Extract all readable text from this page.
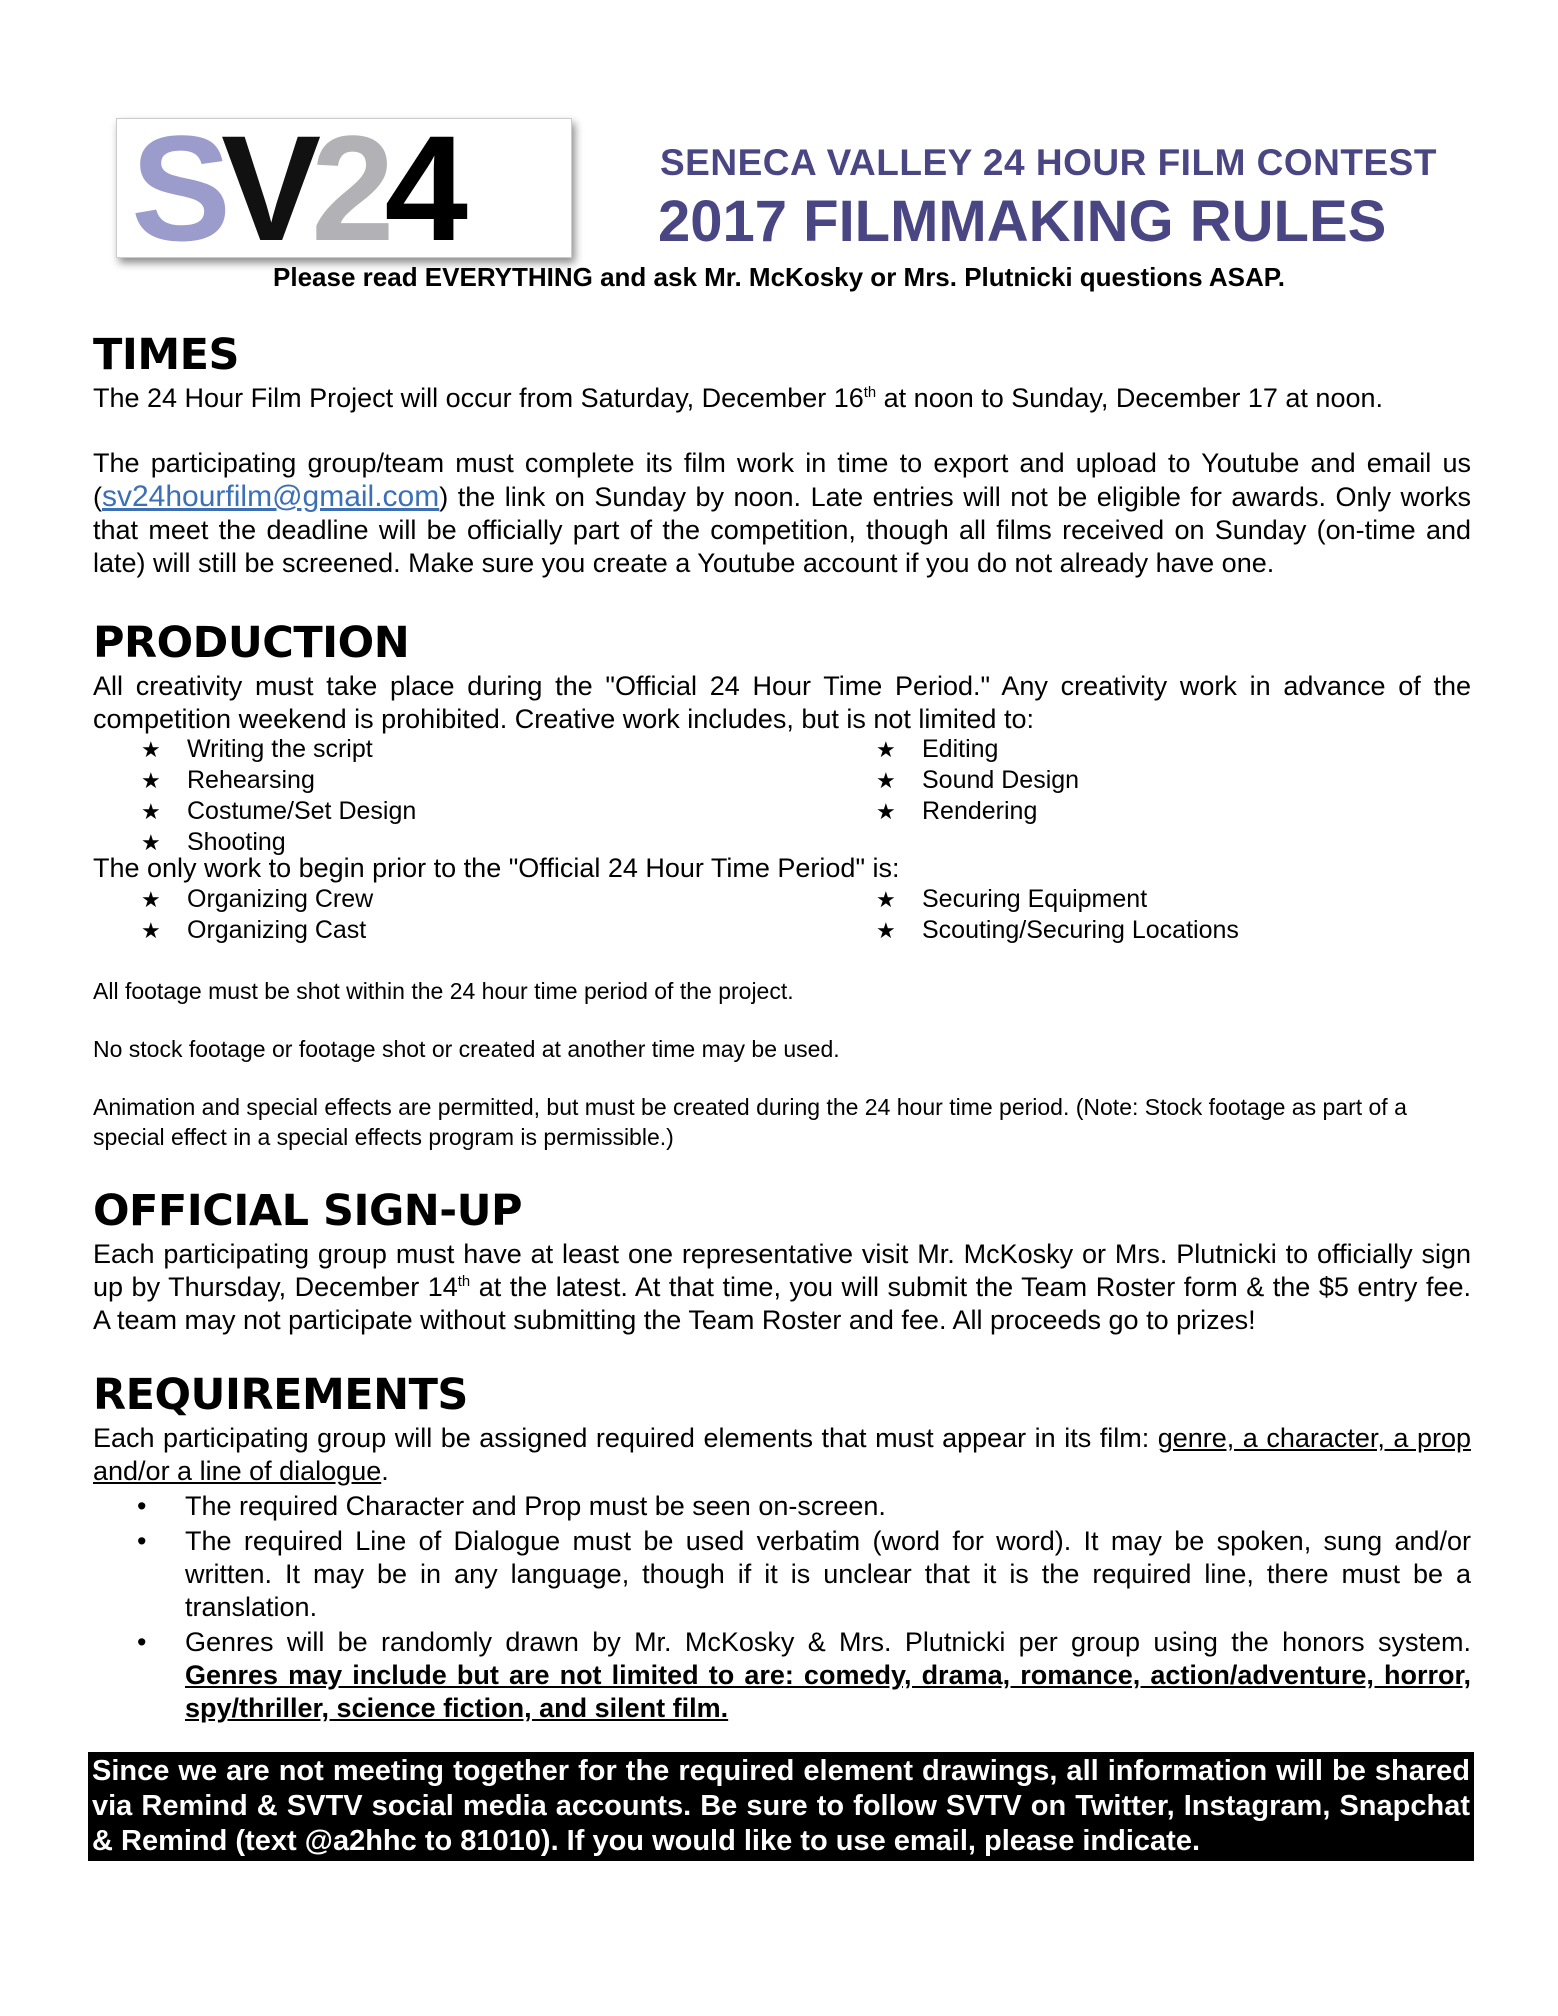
SV24	SENECA VALLEY 24 HOUR FILM CONTEST
2017 FILMMAKING RULES
Please read EVERYTHING and ask Mr. McKosky or Mrs. Plutnicki questions ASAP.
TIMES

The 24 Hour Film Project will occur from Saturday, December 16th at noon to Sunday, December 17 at noon.

The participating group/team must complete its film work in time to export and upload to Youtube and email us (sv24hourfilm@gmail.com) the link on Sunday by noon. Late entries will not be eligible for awards. Only works that meet the deadline will be officially part of the competition, though all films received on Sunday (on-time and late) will still be screened. Make sure you create a Youtube account if you do not already have one.

PRODUCTION

All creativity must take place during the "Official 24 Hour Time Period." Any creativity work in advance of the competition weekend is prohibited. Creative work includes, but is not limited to:

★ Writing the script
★ Rehearsing
★ Costume/Set Design
★ Shooting
★ Editing
★ Sound Design
★ Rendering

The only work to begin prior to the "Official 24 Hour Time Period" is:

★ Organizing Crew
★ Organizing Cast
★ Securing Equipment
★ Scouting/Securing Locations

All footage must be shot within the 24 hour time period of the project.

No stock footage or footage shot or created at another time may be used.

Animation and special effects are permitted, but must be created during the 24 hour time period. (Note: Stock footage as part of a special effect in a special effects program is permissible.)

OFFICIAL SIGN-UP

Each participating group must have at least one representative visit Mr. McKosky or Mrs. Plutnicki to officially sign up by Thursday, December 14th at the latest. At that time, you will submit the Team Roster form & the $5 entry fee. A team may not participate without submitting the Team Roster and fee. All proceeds go to prizes!

REQUIREMENTS

Each participating group will be assigned required elements that must appear in its film: genre, a character, a prop and/or a line of dialogue.

• The required Character and Prop must be seen on-screen.
• The required Line of Dialogue must be used verbatim (word for word). It may be spoken, sung and/or written. It may be in any language, though if it is unclear that it is the required line, there must be a translation.
• Genres will be randomly drawn by Mr. McKosky & Mrs. Plutnicki per group using the honors system. Genres may include but are not limited to are: comedy, drama, romance, action/adventure, horror, spy/thriller, science fiction, and silent film.
Since we are not meeting together for the required element drawings, all information will be shared via Remind & SVTV social media accounts. Be sure to follow SVTV on Twitter, Instagram, Snapchat & Remind (text @a2hhc to 81010). If you would like to use email, please indicate.
